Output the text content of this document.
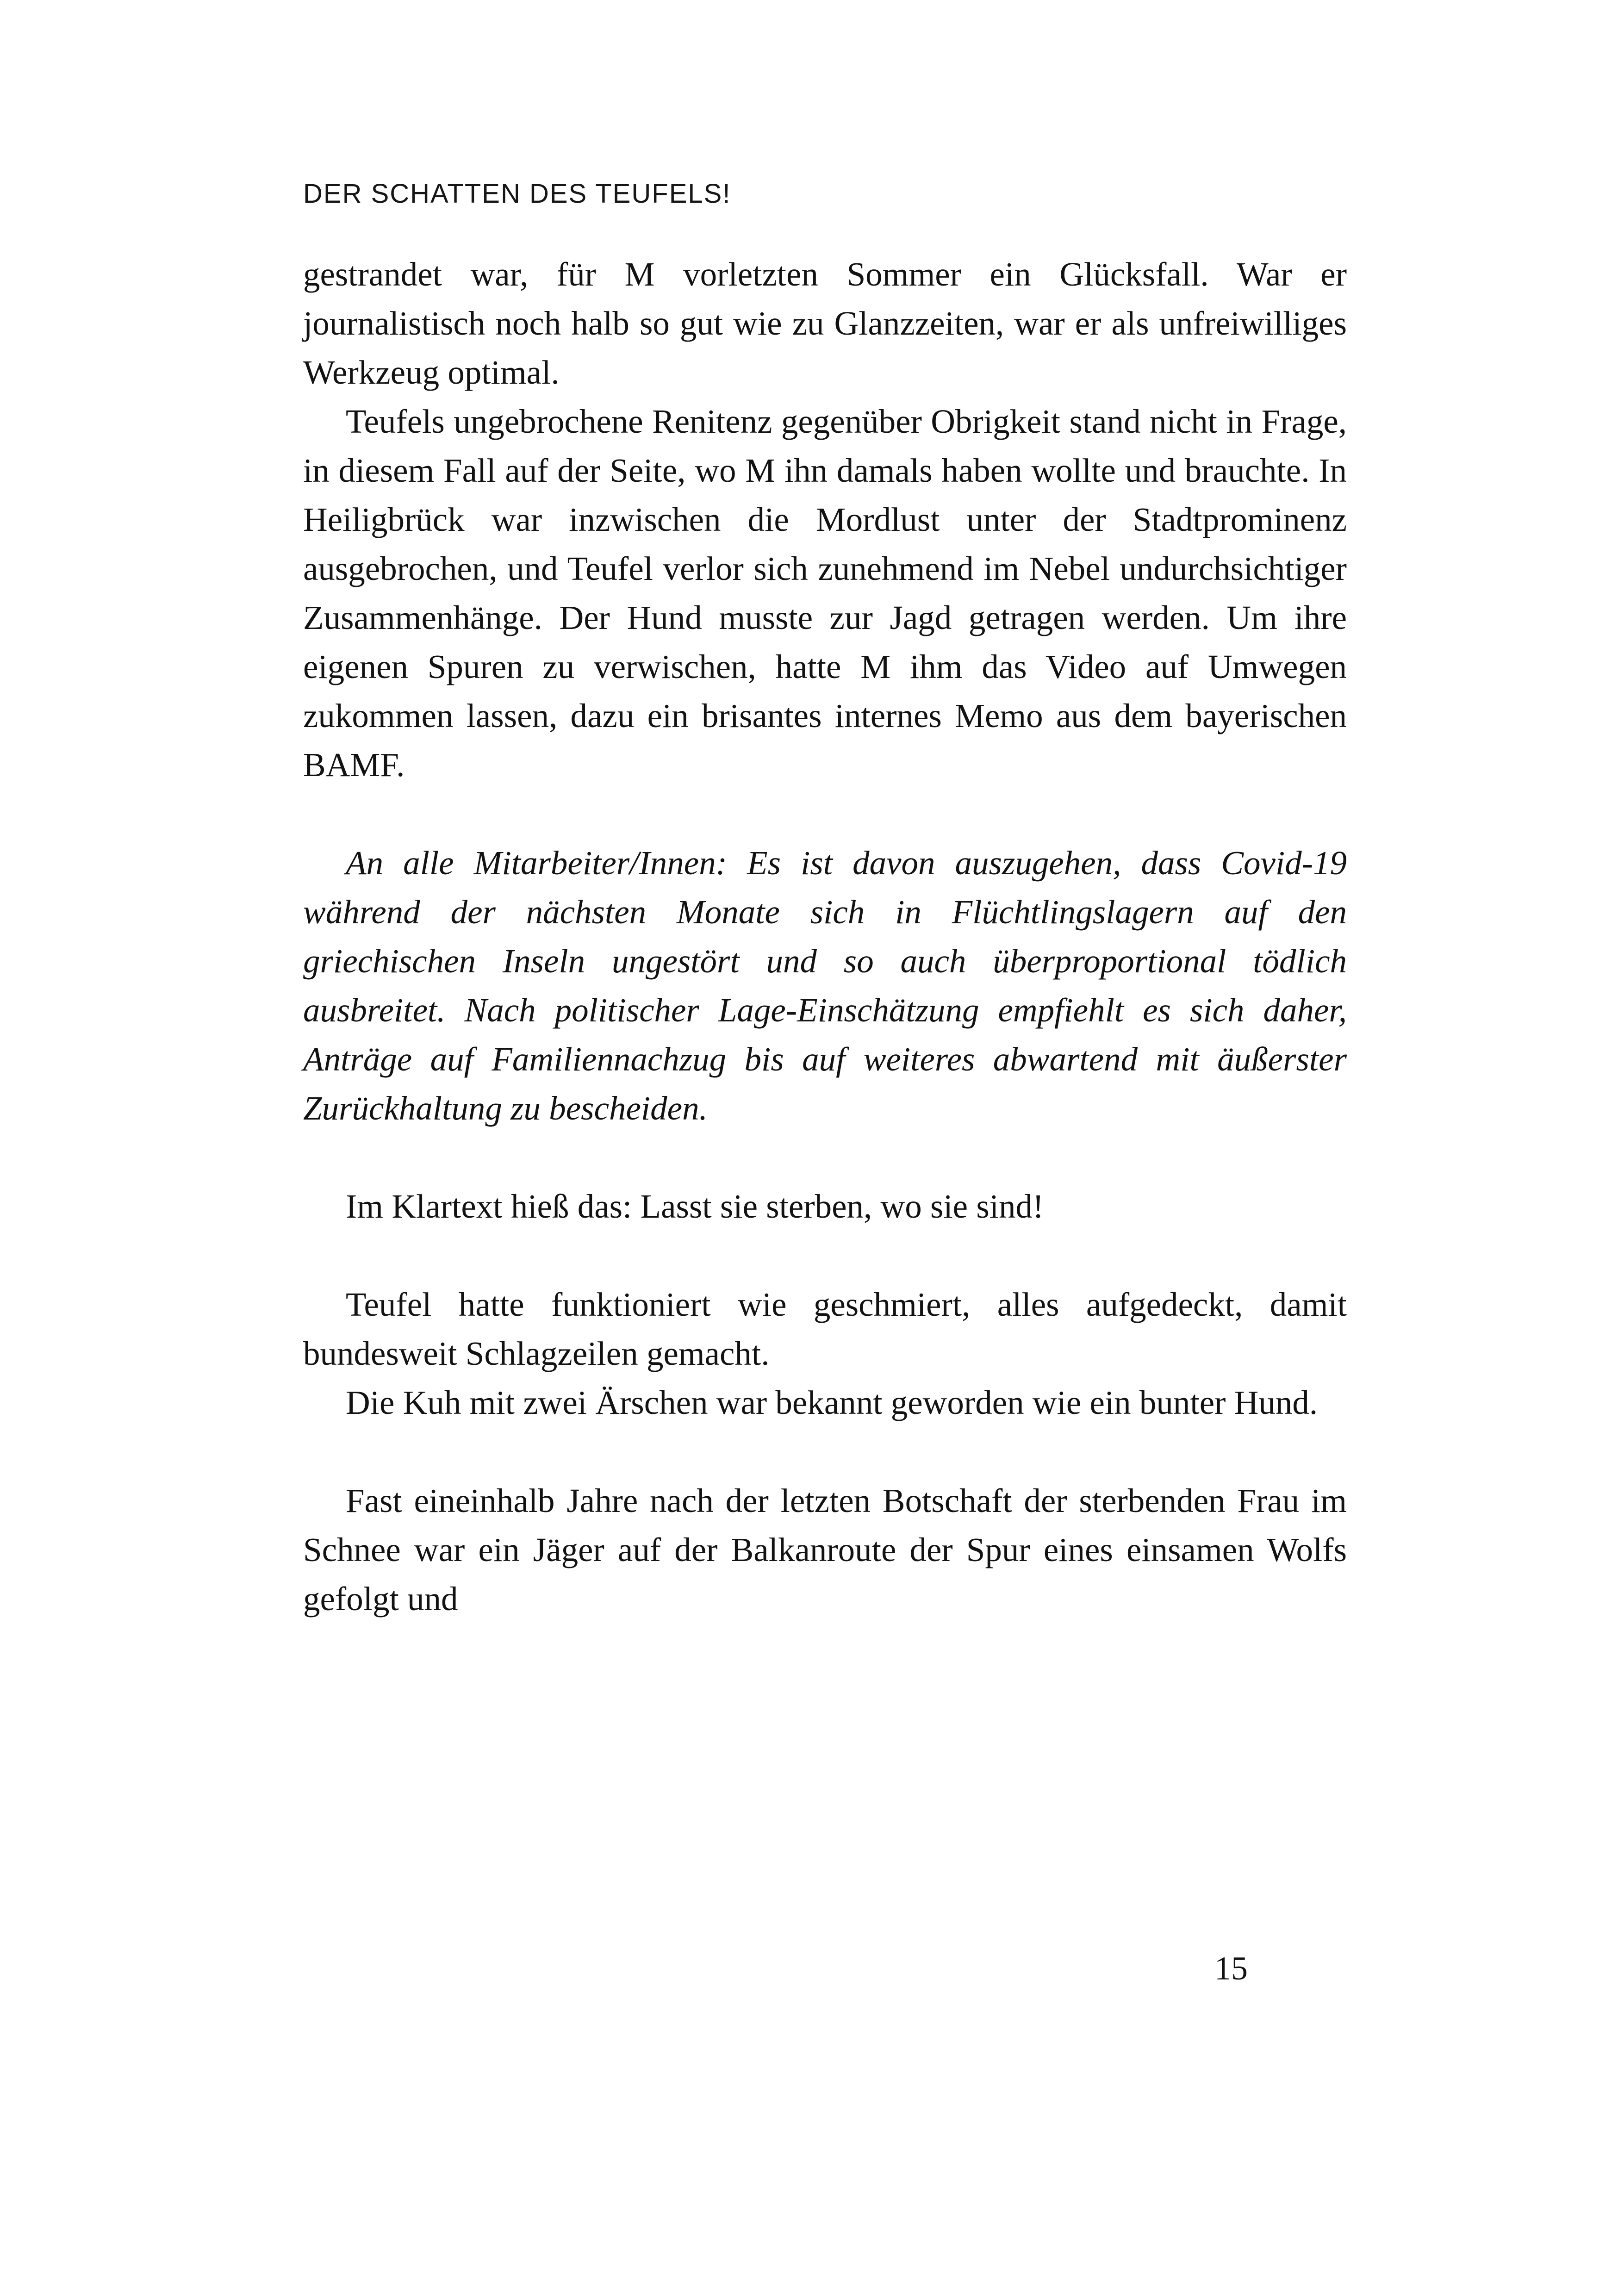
DER SCHATTEN DES TEUFELS!

gestrandet war, für M vorletzten Sommer ein Glücksfall. War er journalistisch noch halb so gut wie zu Glanzzeiten, war er als unfreiwilliges Werkzeug optimal.

Teufels ungebrochene Renitenz gegenüber Obrigkeit stand nicht in Frage, in diesem Fall auf der Seite, wo M ihn damals haben wollte und brauchte. In Heiligbrück war inzwischen die Mordlust unter der Stadtprominenz ausgebrochen, und Teufel verlor sich zunehmend im Nebel undurchsichtiger Zusammenhänge. Der Hund musste zur Jagd getragen werden. Um ihre eigenen Spuren zu verwischen, hatte M ihm das Video auf Umwegen zukommen lassen, dazu ein brisantes internes Memo aus dem bayerischen BAMF.

An alle Mitarbeiter/Innen: Es ist davon auszugehen, dass Covid-19 während der nächsten Monate sich in Flüchtlingslagern auf den griechischen Inseln ungestört und so auch überproportional tödlich ausbreitet. Nach politischer Lage-Einschätzung empfiehlt es sich daher, Anträge auf Familiennachzug bis auf weiteres abwartend mit äußerster Zurückhaltung zu bescheiden.

Im Klartext hieß das: Lasst sie sterben, wo sie sind!

Teufel hatte funktioniert wie geschmiert, alles aufgedeckt, damit bundesweit Schlagzeilen gemacht.

Die Kuh mit zwei Ärschen war bekannt geworden wie ein bunter Hund.

Fast eineinhalb Jahre nach der letzten Botschaft der sterbenden Frau im Schnee war ein Jäger auf der Balkanroute der Spur eines einsamen Wolfs gefolgt und

15
